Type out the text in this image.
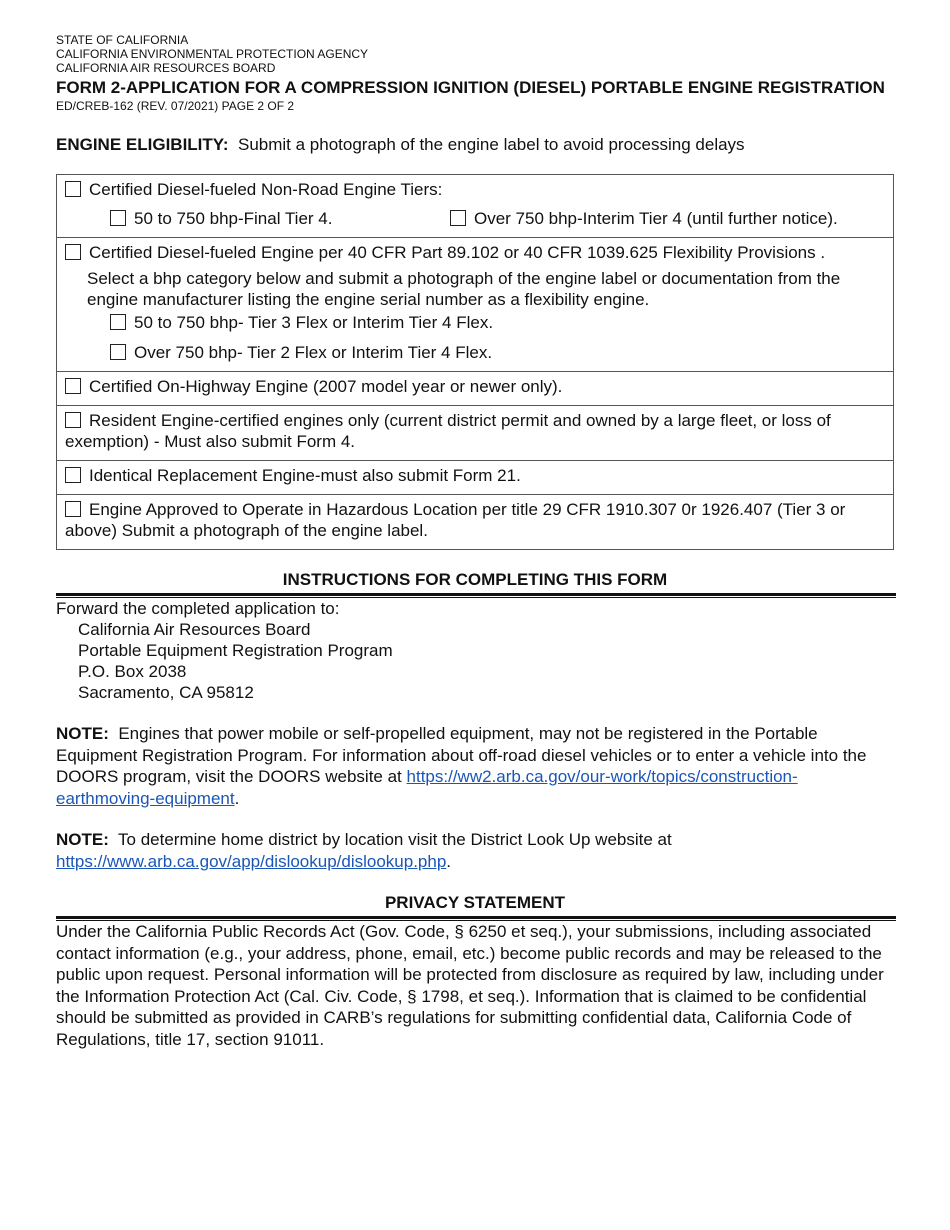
STATE OF CALIFORNIA
CALIFORNIA ENVIRONMENTAL PROTECTION AGENCY
CALIFORNIA AIR RESOURCES BOARD
FORM 2-APPLICATION FOR A COMPRESSION IGNITION (DIESEL) PORTABLE ENGINE REGISTRATION
ED/CREB-162 (REV. 07/2021) PAGE 2 OF 2
ENGINE ELIGIBILITY: Submit a photograph of the engine label to avoid processing delays
Certified Diesel-fueled Non-Road Engine Tiers:
50 to 750 bhp-Final Tier 4.	Over 750 bhp-Interim Tier 4 (until further notice).
Certified Diesel-fueled Engine per 40 CFR Part 89.102 or 40 CFR 1039.625 Flexibility Provisions .
Select a bhp category below and submit a photograph of the engine label or documentation from the engine manufacturer listing the engine serial number as a flexibility engine.
50 to 750 bhp- Tier 3 Flex or Interim Tier 4 Flex.
Over 750 bhp- Tier 2 Flex or Interim Tier 4 Flex.
Certified On-Highway Engine (2007 model year or newer only).
Resident Engine-certified engines only (current district permit and owned by a large fleet, or loss of exemption) - Must also submit Form 4.
Identical Replacement Engine-must also submit Form 21.
Engine Approved to Operate in Hazardous Location per title 29 CFR 1910.307 0r 1926.407 (Tier 3 or above) Submit a photograph of the engine label.
INSTRUCTIONS FOR COMPLETING THIS FORM
Forward the completed application to:
California Air Resources Board
Portable Equipment Registration Program
P.O. Box 2038
Sacramento, CA 95812
NOTE: Engines that power mobile or self-propelled equipment, may not be registered in the Portable Equipment Registration Program. For information about off-road diesel vehicles or to enter a vehicle into the DOORS program, visit the DOORS website at https://ww2.arb.ca.gov/our-work/topics/construction-earthmoving-equipment.
NOTE: To determine home district by location visit the District Look Up website at
https://www.arb.ca.gov/app/dislookup/dislookup.php.
PRIVACY STATEMENT
Under the California Public Records Act (Gov. Code, § 6250 et seq.), your submissions, including associated contact information (e.g., your address, phone, email, etc.) become public records and may be released to the public upon request. Personal information will be protected from disclosure as required by law, including under the Information Protection Act (Cal. Civ. Code, § 1798, et seq.). Information that is claimed to be confidential should be submitted as provided in CARB’s regulations for submitting confidential data, California Code of Regulations, title 17, section 91011.
